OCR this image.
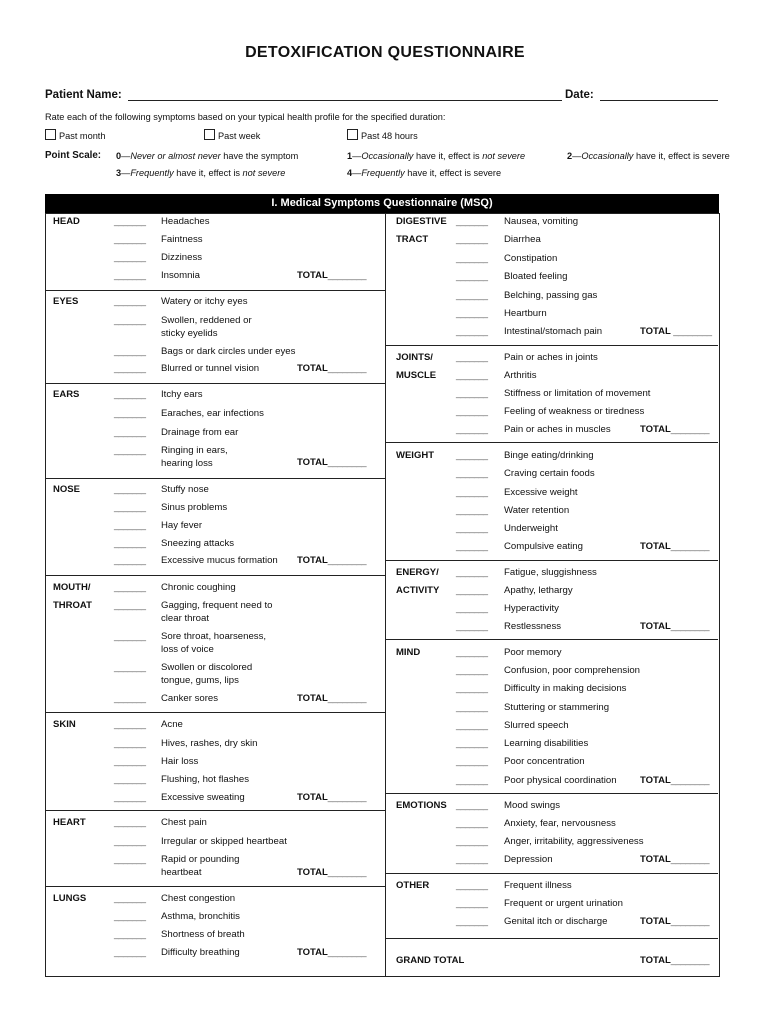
DETOXIFICATION QUESTIONNAIRE
Patient Name:	Date:
Rate each of the following symptoms based on your typical health profile for the specified duration:
Past month	Past week	Past 48 hours
Point Scale: 0—Never or almost never have the symptom	1—Occasionally have it, effect is not severe	2—Occasionally have it, effect is severe
3—Frequently have it, effect is not severe	4—Frequently have it, effect is severe
I. Medical Symptoms Questionnaire (MSQ)
HEAD	_______ Headaches
_______ Faintness
_______ Dizziness
_______ Insomnia	TOTAL________
EYES	_______ Watery or itchy eyes
_______ Swollen, reddened or
sticky eyelids
_______ Bags or dark circles under eyes
_______ Blurred or tunnel vision	TOTAL________
EARS	_______ Itchy ears
_______ Earaches, ear infections
_______ Drainage from ear
_______ Ringing in ears,
hearing loss	TOTAL________
NOSE	_______ Stuffy nose
_______ Sinus problems
_______ Hay fever
_______ Sneezing attacks
_______ Excessive mucus formation TOTAL________
MOUTH/
THROAT
_______ Chronic coughing
_______ Gagging, frequent need to
clear throat
_______ Sore throat, hoarseness,
loss of voice
_______ Swollen or discolored
tongue, gums, lips
_______ Canker sores	TOTAL________
SKIN	_______ Acne
_______ Hives, rashes, dry skin
_______ Hair loss
_______ Flushing, hot flashes
_______ Excessive sweating	TOTAL________
HEART	_______ Chest pain
_______ Irregular or skipped heartbeat
_______ Rapid or pounding
heartbeat	TOTAL________
LUNGS	_______ Chest congestion
_______ Asthma, bronchitis
_______ Shortness of breath
_______ Difficulty breathing	TOTAL________
DIGESTIVE
TRACT
_______ Nausea, vomiting
_______ Diarrhea
_______ Constipation
_______ Bloated feeling
_______ Belching, passing gas
_______ Heartburn
_______ Intestinal/stomach pain	TOTAL ________
JOINTS/
MUSCLE
_______ Pain or aches in joints
_______ Arthritis
_______ Stiffness or limitation of movement
_______ Feeling of weakness or tiredness
_______ Pain or aches in muscles	TOTAL________
WEIGHT _______ Binge eating/drinking
_______ Craving certain foods
_______ Excessive weight
_______ Water retention
_______ Underweight
_______ Compulsive eating	TOTAL________
ENERGY/
ACTIVITY
_______ Fatigue, sluggishness
_______ Apathy, lethargy
_______ Hyperactivity
_______ Restlessness	TOTAL________
MIND	_______ Poor memory
_______ Confusion, poor comprehension
_______ Difficulty in making decisions
_______ Stuttering or stammering
_______ Slurred speech
_______ Learning disabilities
_______ Poor concentration
_______ Poor physical coordination TOTAL________
EMOTIONS _______ Mood swings
_______ Anxiety, fear, nervousness
_______ Anger, irritability, aggressiveness
_______ Depression	TOTAL________
OTHER	_______ Frequent illness
_______ Frequent or urgent urination
_______ Genital itch or discharge	TOTAL________
GRAND TOTAL	TOTAL________
